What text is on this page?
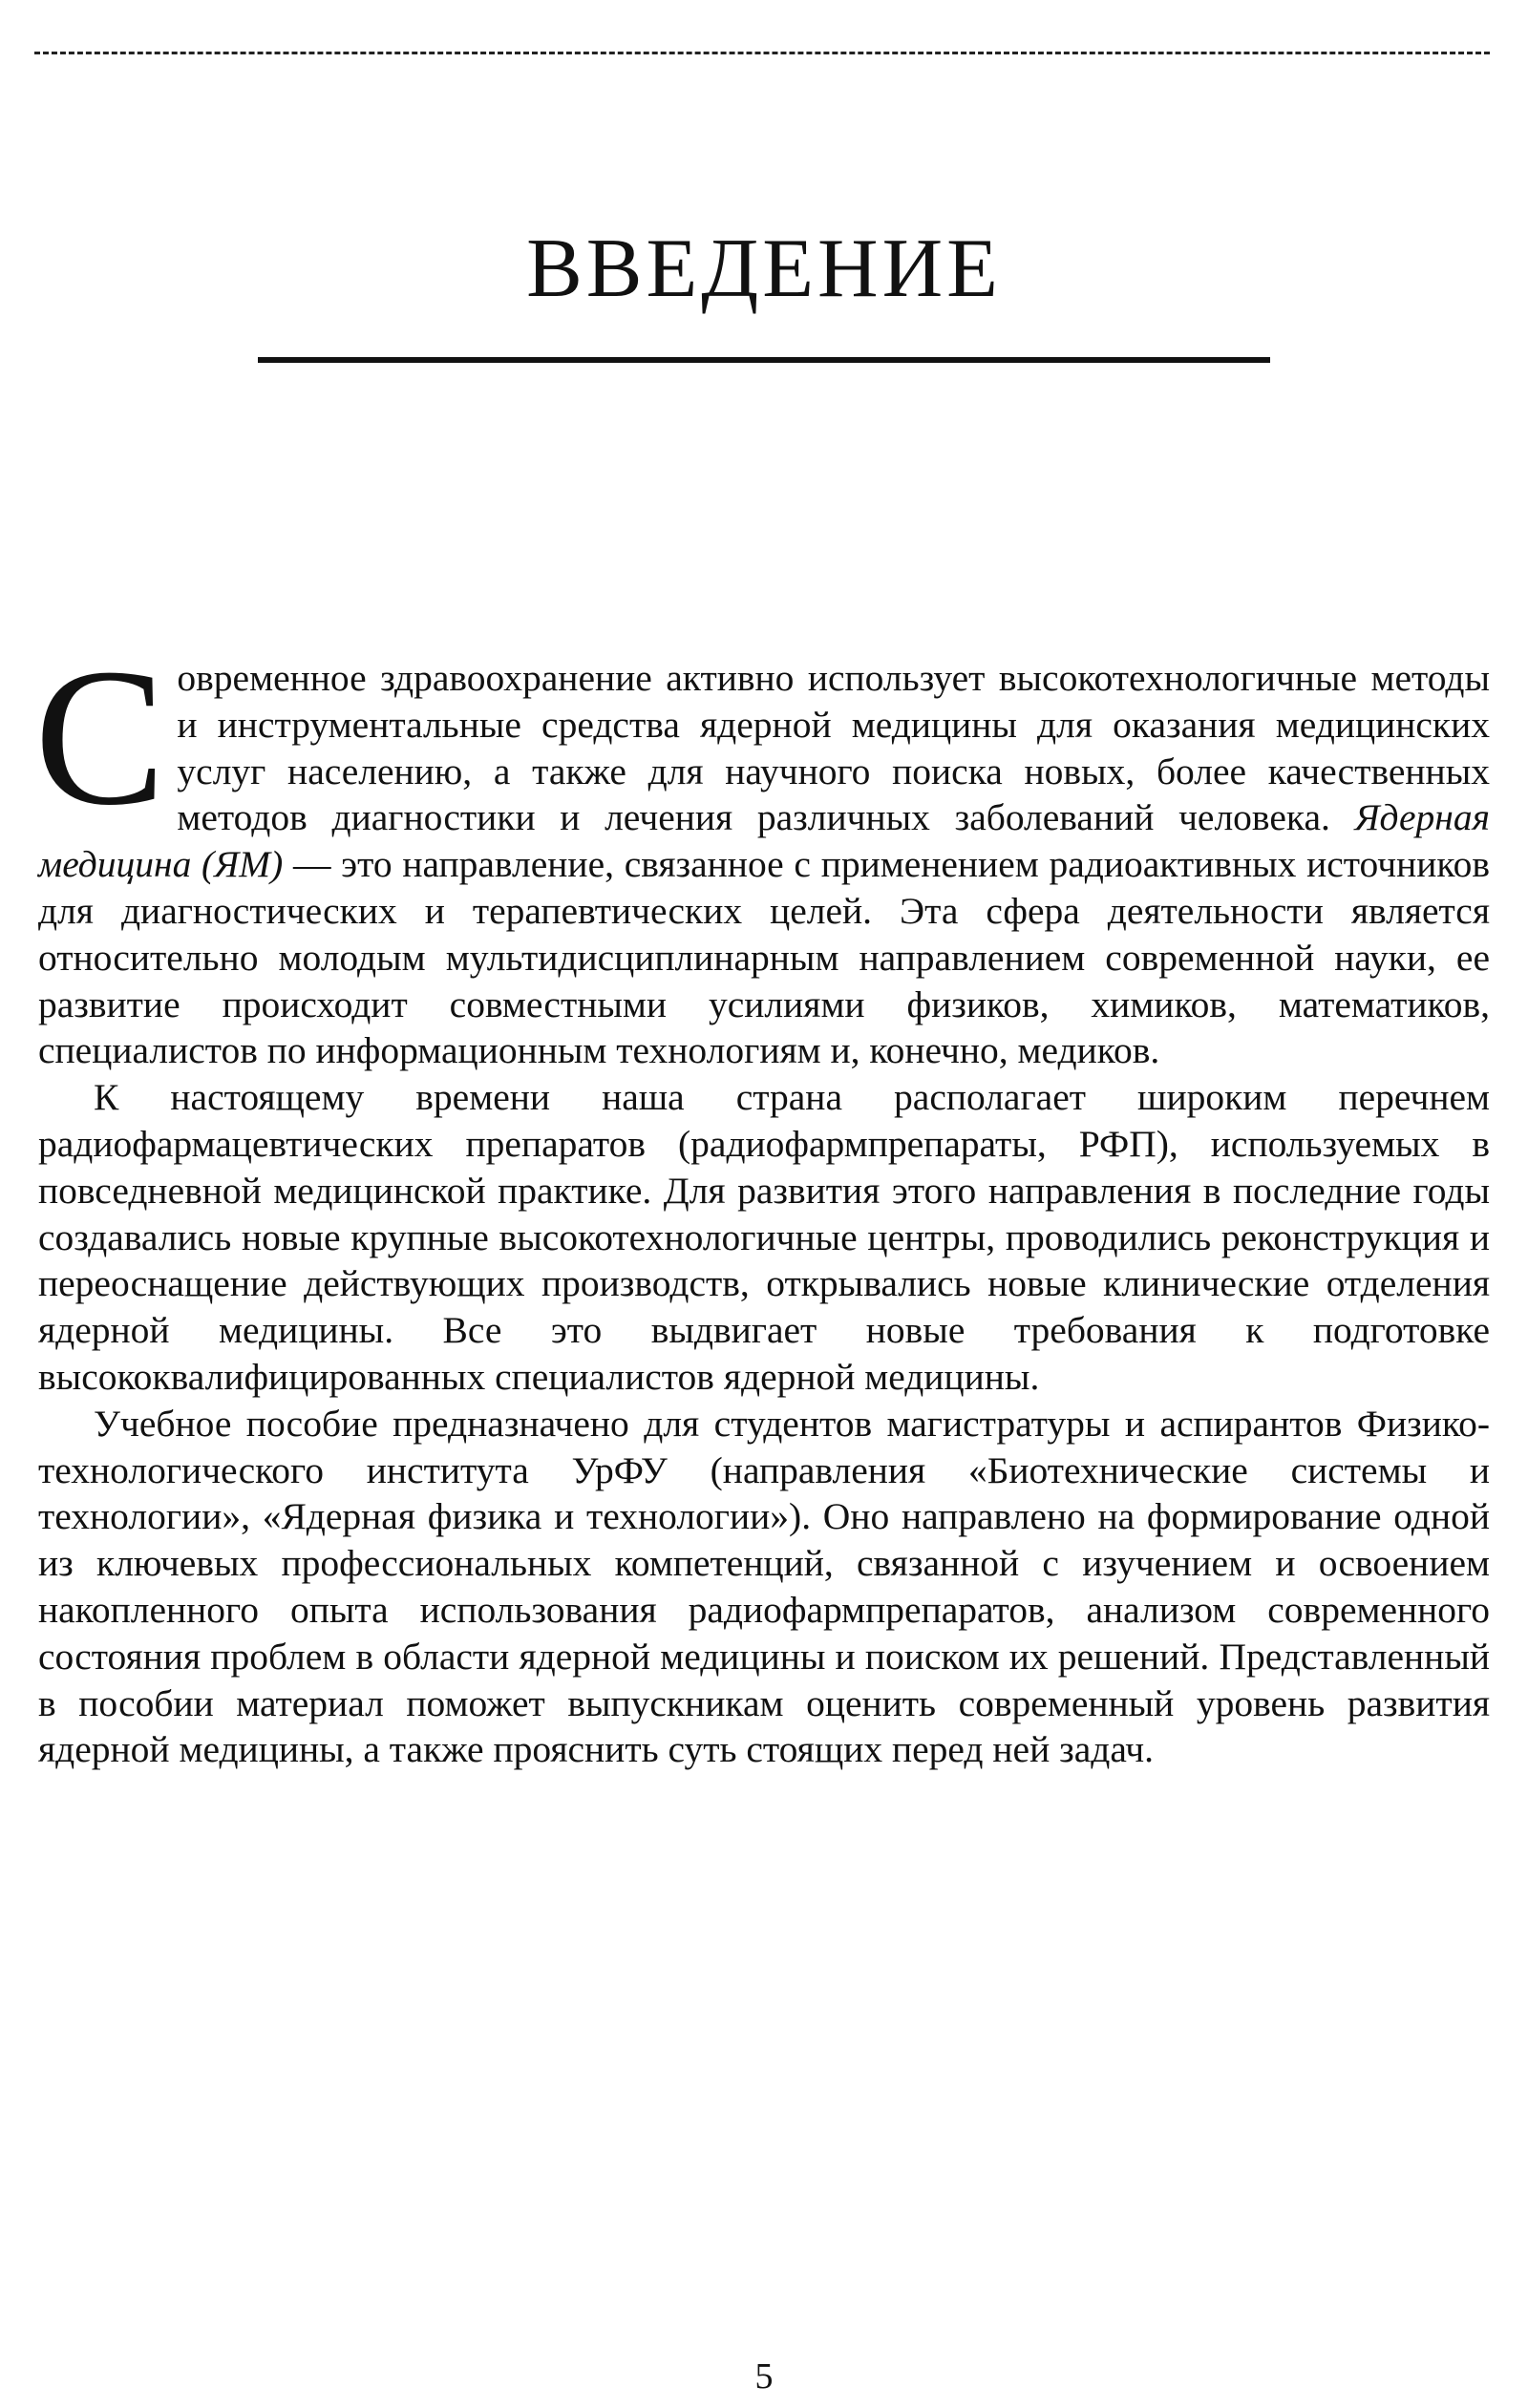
ВВЕДЕНИЕ

Современное здравоохранение активно использует высокотехнологичные методы и инструментальные средства ядерной медицины для оказания медицинских услуг населению, а также для научного поиска новых, более качественных методов диагностики и лечения различных заболеваний человека. Ядерная медицина (ЯМ) — это направление, связанное с применением радиоактивных источников для диагностических и терапевтических целей. Эта сфера деятельности является относительно молодым мультидисциплинарным направлением современной науки, ее развитие происходит совместными усилиями физиков, химиков, математиков, специалистов по информационным технологиям и, конечно, медиков.

К настоящему времени наша страна располагает широким перечнем радиофармацевтических препаратов (радиофармпрепараты, РФП), используемых в повседневной медицинской практике. Для развития этого направления в последние годы создавались новые крупные высокотехнологичные центры, проводились реконструкция и переоснащение действующих производств, открывались новые клинические отделения ядерной медицины. Все это выдвигает новые требования к подготовке высококвалифицированных специалистов ядерной медицины.

Учебное пособие предназначено для студентов магистратуры и аспирантов Физико-технологического института УрФУ (направления «Биотехнические системы и технологии», «Ядерная физика и технологии»). Оно направлено на формирование одной из ключевых профессиональных компетенций, связанной с изучением и освоением накопленного опыта использования радиофармпрепаратов, анализом современного состояния проблем в области ядерной медицины и поиском их решений. Представленный в пособии материал поможет выпускникам оценить современный уровень развития ядерной медицины, а также прояснить суть стоящих перед ней задач.

5
